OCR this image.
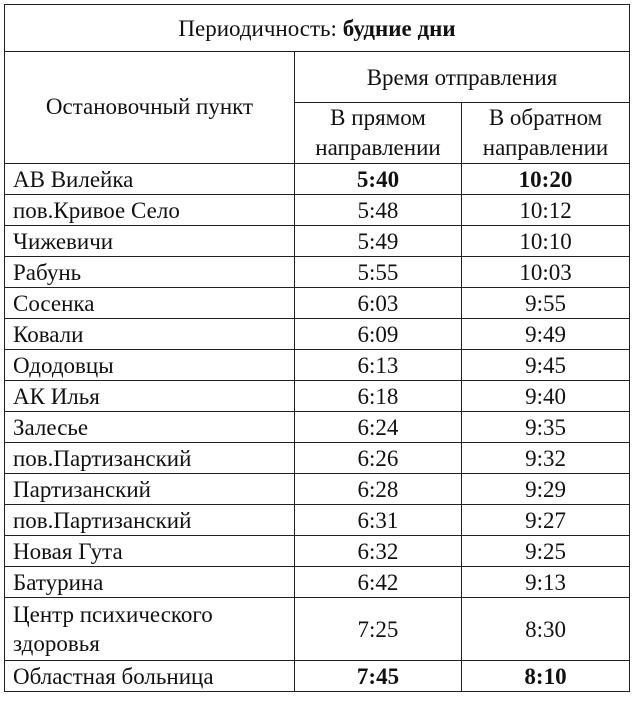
Периодичность: будние дни		
Остановочный пункт	Время отправления	
	В прямом направлении	В обратном направлении
АВ Вилейка	5:40	10:20
пов.Кривое Село	5:48	10:12
Чижевичи	5:49	10:10
Рабунь	5:55	10:03
Сосенка	6:03	9:55
Ковали	6:09	9:49
Ододовцы	6:13	9:45
АК Илья	6:18	9:40
Залесье	6:24	9:35
пов.Партизанский	6:26	9:32
Партизанский	6:28	9:29
пов.Партизанский	6:31	9:27
Новая Гута	6:32	9:25
Батурина	6:42	9:13
Центр психического здоровья	7:25	8:30
Областная больница	7:45	8:10
